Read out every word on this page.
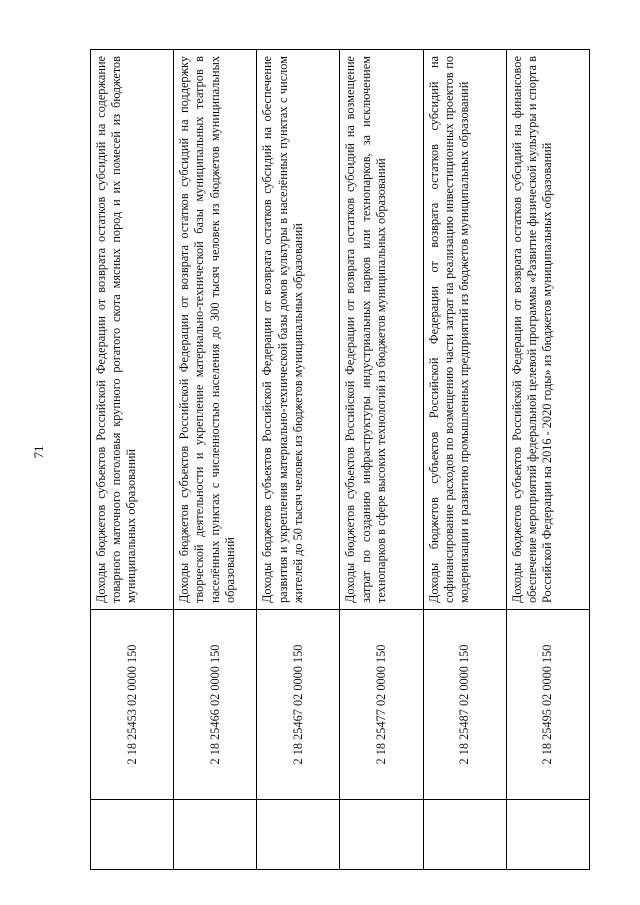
71
	2 18 25453 02 0000 150	Доходы бюджетов субъектов Российской Федерации от возврата остатков субсидий на содержание товарного маточного поголовья крупного рогатого скота мясных пород и их помесей из бюджетов муниципальных образований
	2 18 25466 02 0000 150	Доходы бюджетов субъектов Российской Федерации от возврата остатков субсидий на поддержку творческой деятельности и укрепление материально-технической базы муниципальных театров в населённых пунктах с численностью населения до 300 тысяч человек из бюджетов муниципальных образований
	2 18 25467 02 0000 150	Доходы бюджетов субъектов Российской Федерации от возврата остатков субсидий на обеспечение развития и укрепления материально-технической базы домов культуры в населённых пунктах с числом жителей до 50 тысяч человек из бюджетов муниципальных образований
	2 18 25477 02 0000 150	Доходы бюджетов субъектов Российской Федерации от возврата остатков субсидий на возмещение затрат по созданию инфраструктуры индустриальных парков или технопарков, за исключением технопарков в сфере высоких технологий из бюджетов муниципальных образований
	2 18 25487 02 0000 150	Доходы бюджетов субъектов Российской Федерации от возврата остатков субсидий на софинансирование расходов по возмещению части затрат на реализацию инвестиционных проектов по модернизации и развитию промышленных предприятий из бюджетов муниципальных образований
	2 18 25495 02 0000 150	Доходы бюджетов субъектов Российской Федерации от возврата остатков субсидий на финансовое обеспечение мероприятий федеральной целевой программы «Развитие физической культуры и спорта в Российской Федерации на 2016 - 2020 годы» из бюджетов муниципальных образований
